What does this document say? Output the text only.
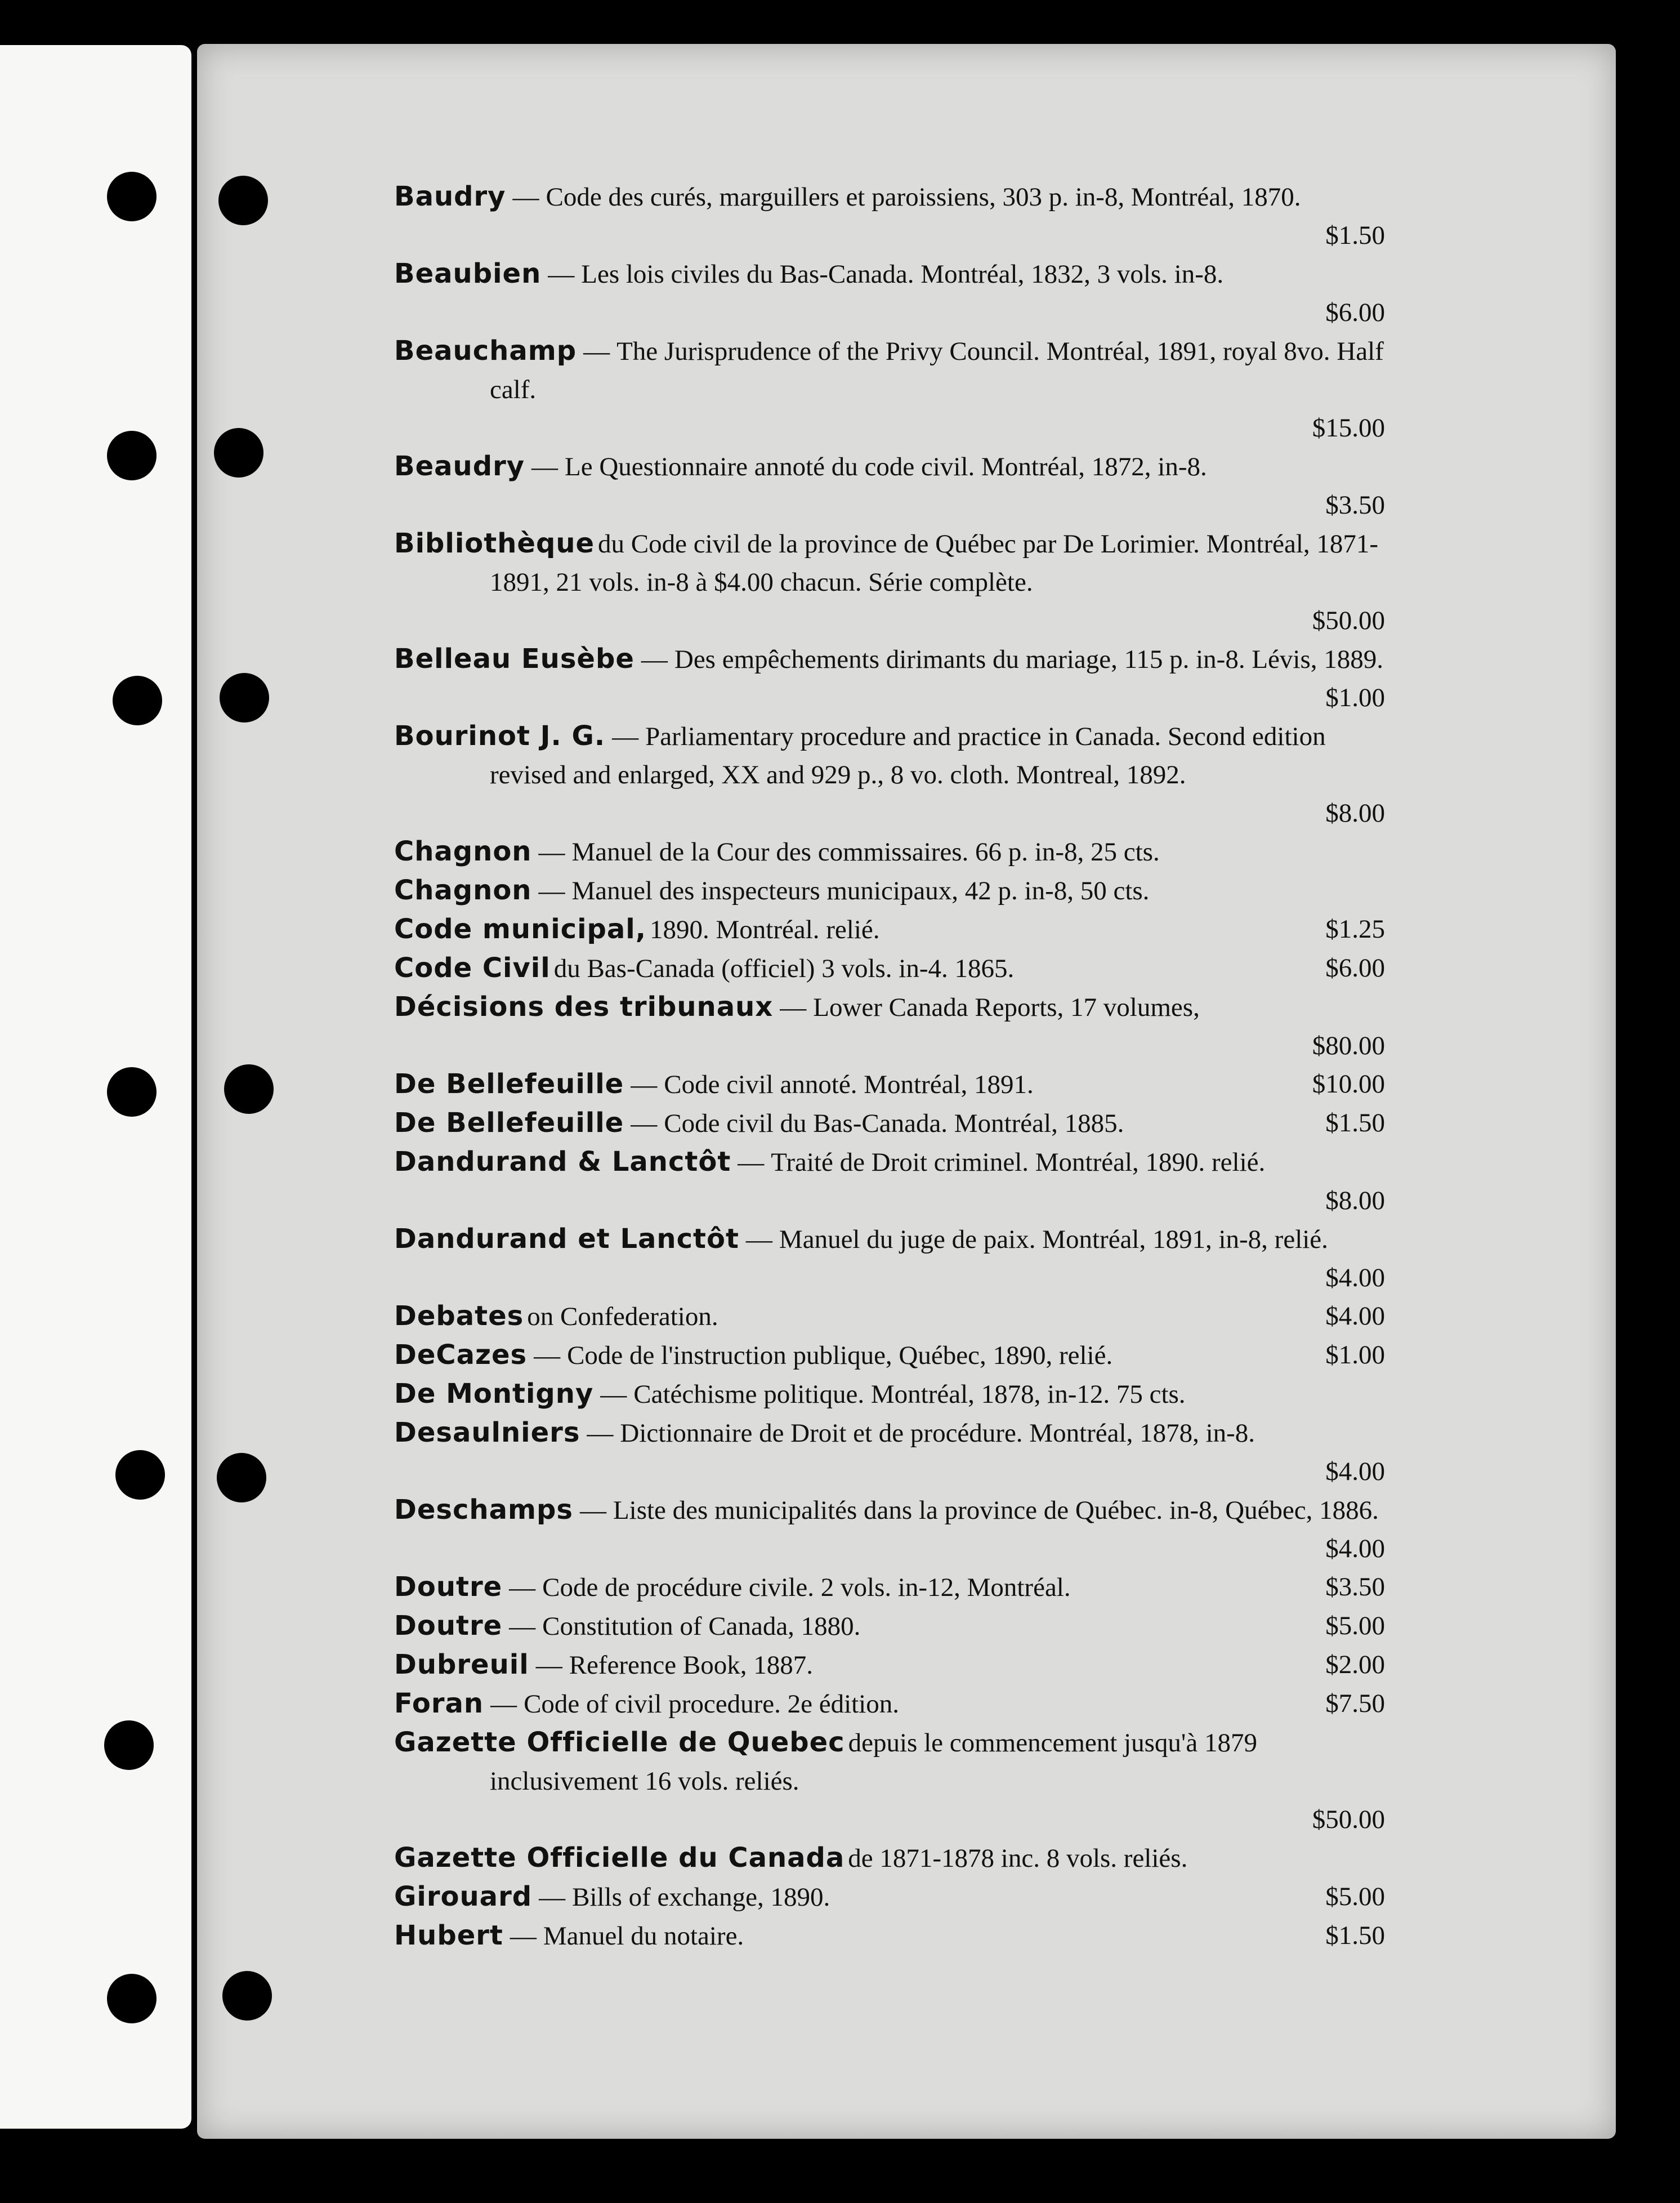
Baudry — Code des curés, marguillers et paroissiens, 303 p. in-8, Montréal, 1870.
$1.50
Beaubien — Les lois civiles du Bas-Canada. Montréal, 1832, 3 vols. in-8.
$6.00
Beauchamp — The Jurisprudence of the Privy Council. Montréal, 1891, royal 8vo. Half calf.
$15.00
Beaudry — Le Questionnaire annoté du code civil. Montréal, 1872, in-8.
$3.50
Bibliothèque du Code civil de la province de Québec par De Lorimier. Montréal, 1871-1891, 21 vols. in-8 à $4.00 chacun. Série complète.
$50.00
Belleau Eusèbe — Des empêchements dirimants du mariage, 115 p. in-8. Lévis, 1889.
$1.00
Bourinot J. G. — Parliamentary procedure and practice in Canada. Second edition revised and enlarged, XX and 929 p., 8 vo. cloth. Montreal, 1892.
$8.00
Chagnon — Manuel de la Cour des commissaires. 66 p. in-8, 25 cts.
Chagnon — Manuel des inspecteurs municipaux, 42 p. in-8, 50 cts.
$1.25
Code municipal, 1890. Montréal. relié.
$6.00
Code Civil du Bas-Canada (officiel) 3 vols. in-4. 1865.
Décisions des tribunaux — Lower Canada Reports, 17 volumes,
$80.00
$10.00
De Bellefeuille — Code civil annoté. Montréal, 1891.
$1.50
De Bellefeuille — Code civil du Bas-Canada. Montréal, 1885.
Dandurand & Lanctôt — Traité de Droit criminel. Montréal, 1890. relié.
$8.00
Dandurand et Lanctôt — Manuel du juge de paix. Montréal, 1891, in-8, relié.
$4.00
$4.00
Debates on Confederation.
$1.00
DeCazes — Code de l'instruction publique, Québec, 1890, relié.
De Montigny — Catéchisme politique. Montréal, 1878, in-12. 75 cts.
Desaulniers — Dictionnaire de Droit et de procédure. Montréal, 1878, in-8.
$4.00
Deschamps — Liste des municipalités dans la province de Québec. in-8, Québec, 1886.
$4.00
$3.50
Doutre — Code de procédure civile. 2 vols. in-12, Montréal.
$5.00
Doutre — Constitution of Canada, 1880.
$2.00
Dubreuil — Reference Book, 1887.
$7.50
Foran — Code of civil procedure. 2e édition.
Gazette Officielle de Quebec depuis le commencement jusqu'à 1879 inclusivement 16 vols. reliés.
$50.00
Gazette Officielle du Canada de 1871-1878 inc. 8 vols. reliés.
$5.00
Girouard — Bills of exchange, 1890.
$1.50
Hubert — Manuel du notaire.
